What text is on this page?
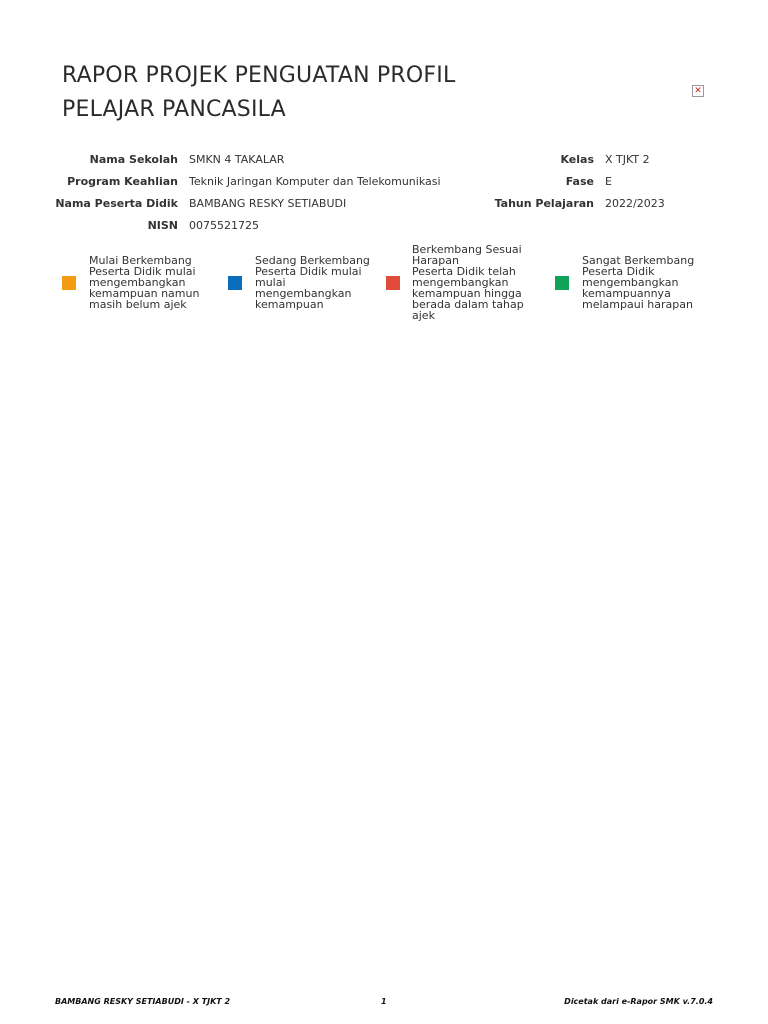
RAPOR PROJEK PENGUATAN PROFIL
PELAJAR PANCASILA
✕
Nama Sekolah SMKN 4 TAKALAR
Program Keahlian Teknik Jaringan Komputer dan Telekomunikasi
Nama Peserta Didik BAMBANG RESKY SETIABUDI
NISN 0075521725
Kelas X TJKT 2
Fase E
Tahun Pelajaran 2022/2023
Mulai Berkembang
Peserta Didik mulai
mengembangkan
kemampuan namun
masih belum ajek
Sedang Berkembang
Peserta Didik mulai
mulai
mengembangkan
kemampuan
Berkembang Sesuai
Harapan
Peserta Didik telah
mengembangkan
kemampuan hingga
berada dalam tahap
ajek
Sangat Berkembang
Peserta Didik
mengembangkan
kemampuannya
melampaui harapan
BAMBANG RESKY SETIABUDI - X TJKT 2	1	Dicetak dari e-Rapor SMK v.7.0.4
